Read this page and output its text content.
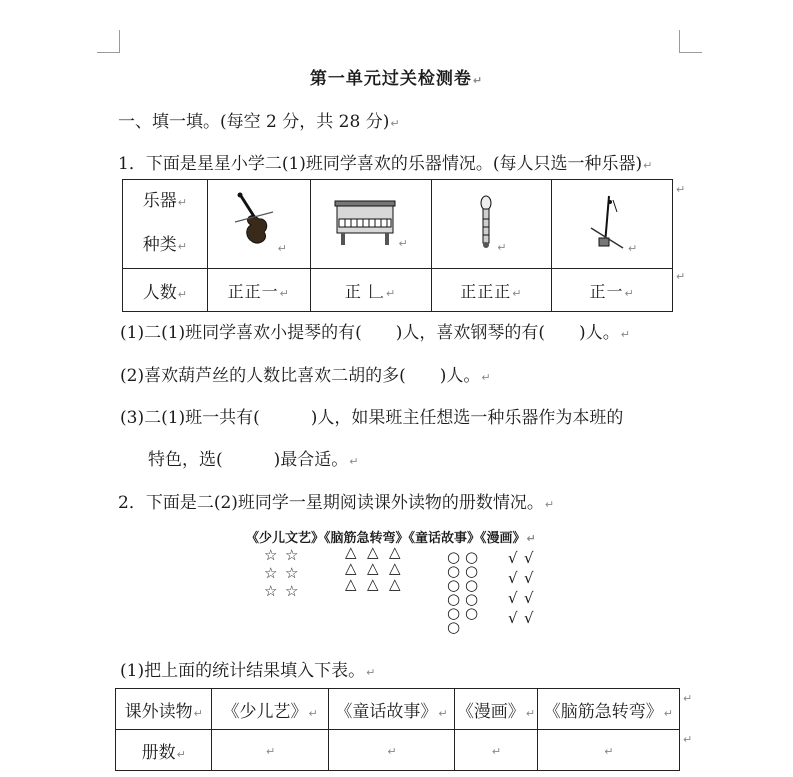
第一单元过关检测卷↵
一、填一填。(每空 2 分，共 28 分)↵
1．下面是星星小学二(1)班同学喜欢的乐器情况。(每人只选一种乐器)↵
乐器↵
种类↵	↵	↵	↵	↵
人数↵	正正一↵	正 𠃊↵	正正正↵	正一↵
↵
↵
(1)二(1)班同学喜欢小提琴的有(　　)人，喜欢钢琴的有(　　)人。↵
(2)喜欢葫芦丝的人数比喜欢二胡的多(　　)人。↵
(3)二(1)班一共有(　　　)人，如果班主任想选一种乐器作为本班的
特色，选(　　　)最合适。↵
2．下面是二(2)班同学一星期阅读课外读物的册数情况。↵
《少儿文艺》《脑筋急转弯》《童话故事》《漫画》↵
☆ ☆
☆ ☆
☆ ☆
△ △ △
△ △ △
△ △ △
○ ○
○ ○
○ ○
○ ○
○ ○
○
√ √
√ √
√ √
√ √
(1)把上面的统计结果填入下表。↵
课外读物↵	《少儿艺》↵	《童话故事》↵	《漫画》↵	《脑筋急转弯》↵
册数↵	↵	↵	↵	↵
↵
↵
